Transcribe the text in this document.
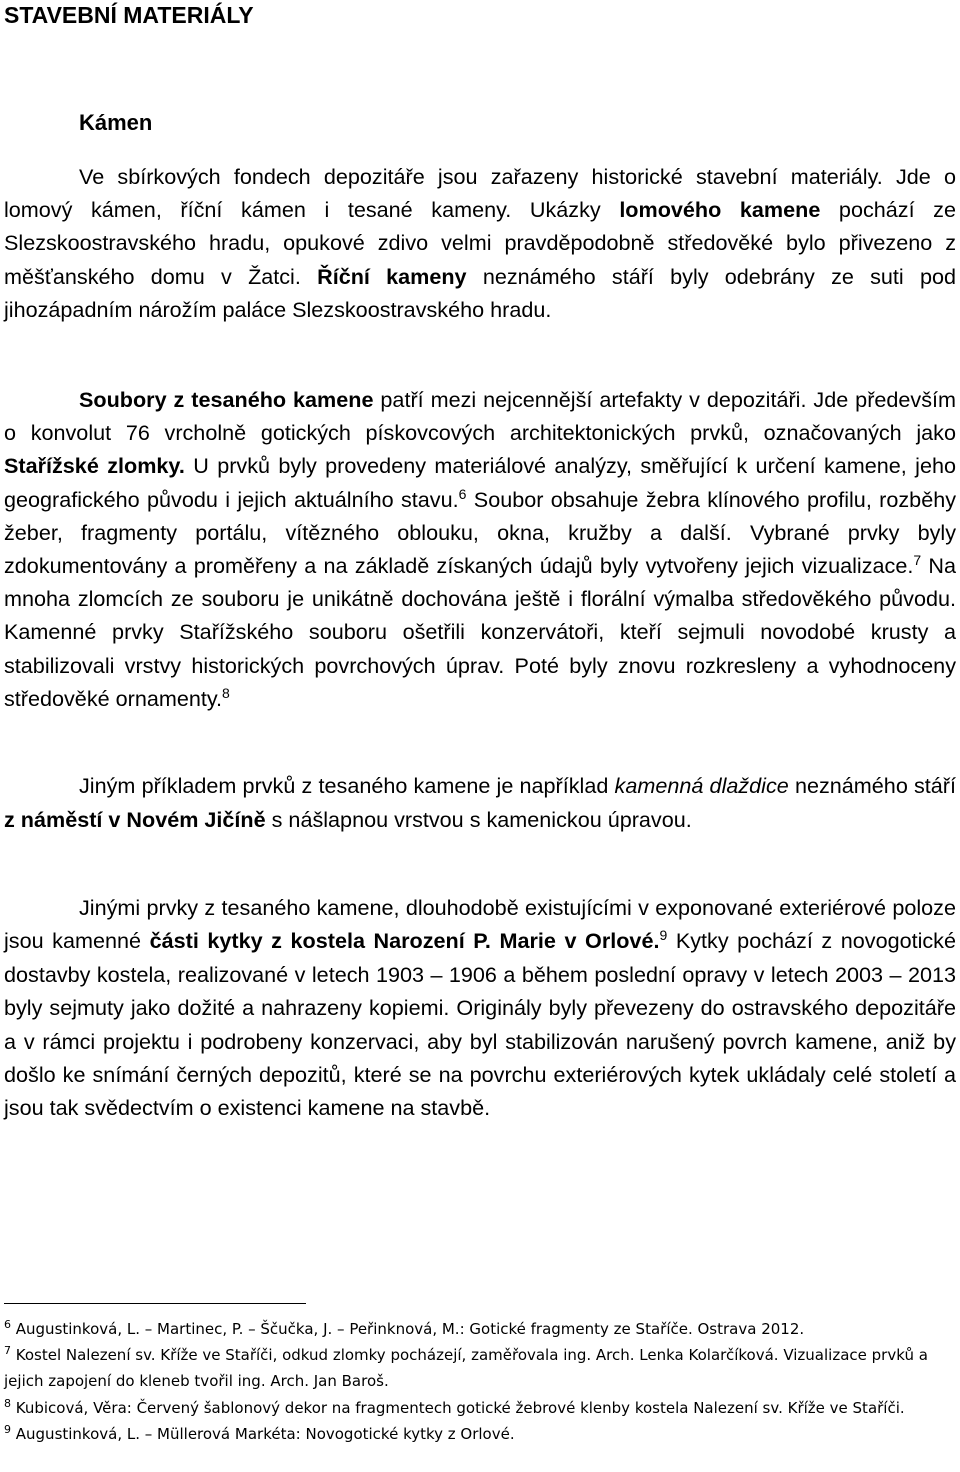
STAVEBNÍ MATERIÁLY
Kámen

Ve sbírkových fondech depozitáře jsou zařazeny historické stavební materiály. Jde o lomový kámen, říční kámen i tesané kameny. Ukázky lomového kamene pochází ze Slezskoostravského hradu, opukové zdivo velmi pravděpodobně středověké bylo přivezeno z měšťanského domu v Žatci. Říční kameny neznámého stáří byly odebrány ze suti pod jihozápadním nárožím paláce Slezskoostravského hradu.

Soubory z tesaného kamene patří mezi nejcennější artefakty v depozitáři. Jde především o konvolut 76 vrcholně gotických pískovcových architektonických prvků, označovaných jako Stařížské zlomky. U prvků byly provedeny materiálové analýzy, směřující k určení kamene, jeho geografického původu i jejich aktuálního stavu.$^6$ Soubor obsahuje žebra klínového profilu, rozběhy žeber, fragmenty portálu, vítězného oblouku, okna, kružby a další. Vybrané prvky byly zdokumentovány a proměřeny a na základě získaných údajů byly vytvořeny jejich vizualizace.$^7$ Na mnoha zlomcích ze souboru je unikátně dochována ještě i florální výmalba středověkého původu. Kamenné prvky Stařížského souboru ošetřili konzervátoři, kteří sejmuli novodobé krusty a stabilizovali vrstvy historických povrchových úprav. Poté byly znovu rozkresleny a vyhodnoceny středověké ornamenty.$^8$

Jiným příkladem prvků z tesaného kamene je například kamenná dlaždice neznámého stáří z náměstí v Novém Jičíně s nášlapnou vrstvou s kamenickou úpravou.

Jinými prvky z tesaného kamene, dlouhodobě existujícími v exponované exteriérové poloze jsou kamenné části kytky z kostela Narození P. Marie v Orlové.$^9$ Kytky pochází z novogotické dostavby kostela, realizované v letech 1903 – 1906 a během poslední opravy v letech 2003 – 2013 byly sejmuty jako dožité a nahrazeny kopiemi. Originály byly převezeny do ostravského depozitáře a v rámci projektu i podrobeny konzervaci, aby byl stabilizován narušený povrch kamene, aniž by došlo ke snímání černých depozitů, které se na povrchu exteriérových kytek ukládaly celé století a jsou tak svědectvím o existenci kamene na stavbě.

$^6$ Augustinková, L. – Martinec, P. – Ščučka, J. – Peřinknová, M.: Gotické fragmenty ze Staříče. Ostrava 2012.

$^7$ Kostel Nalezení sv. Kříže ve Staříči, odkud zlomky pocházejí, zaměřovala ing. Arch. Lenka Kolarčíková. Vizualizace prvků a jejich zapojení do kleneb tvořil ing. Arch. Jan Baroš.

$^8$ Kubicová, Věra: Červený šablonový dekor na fragmentech gotické žebrové klenby kostela Nalezení sv. Kříže ve Staříči.

$^9$ Augustinková, L. – Müllerová Markéta: Novogotické kytky z Orlové.
